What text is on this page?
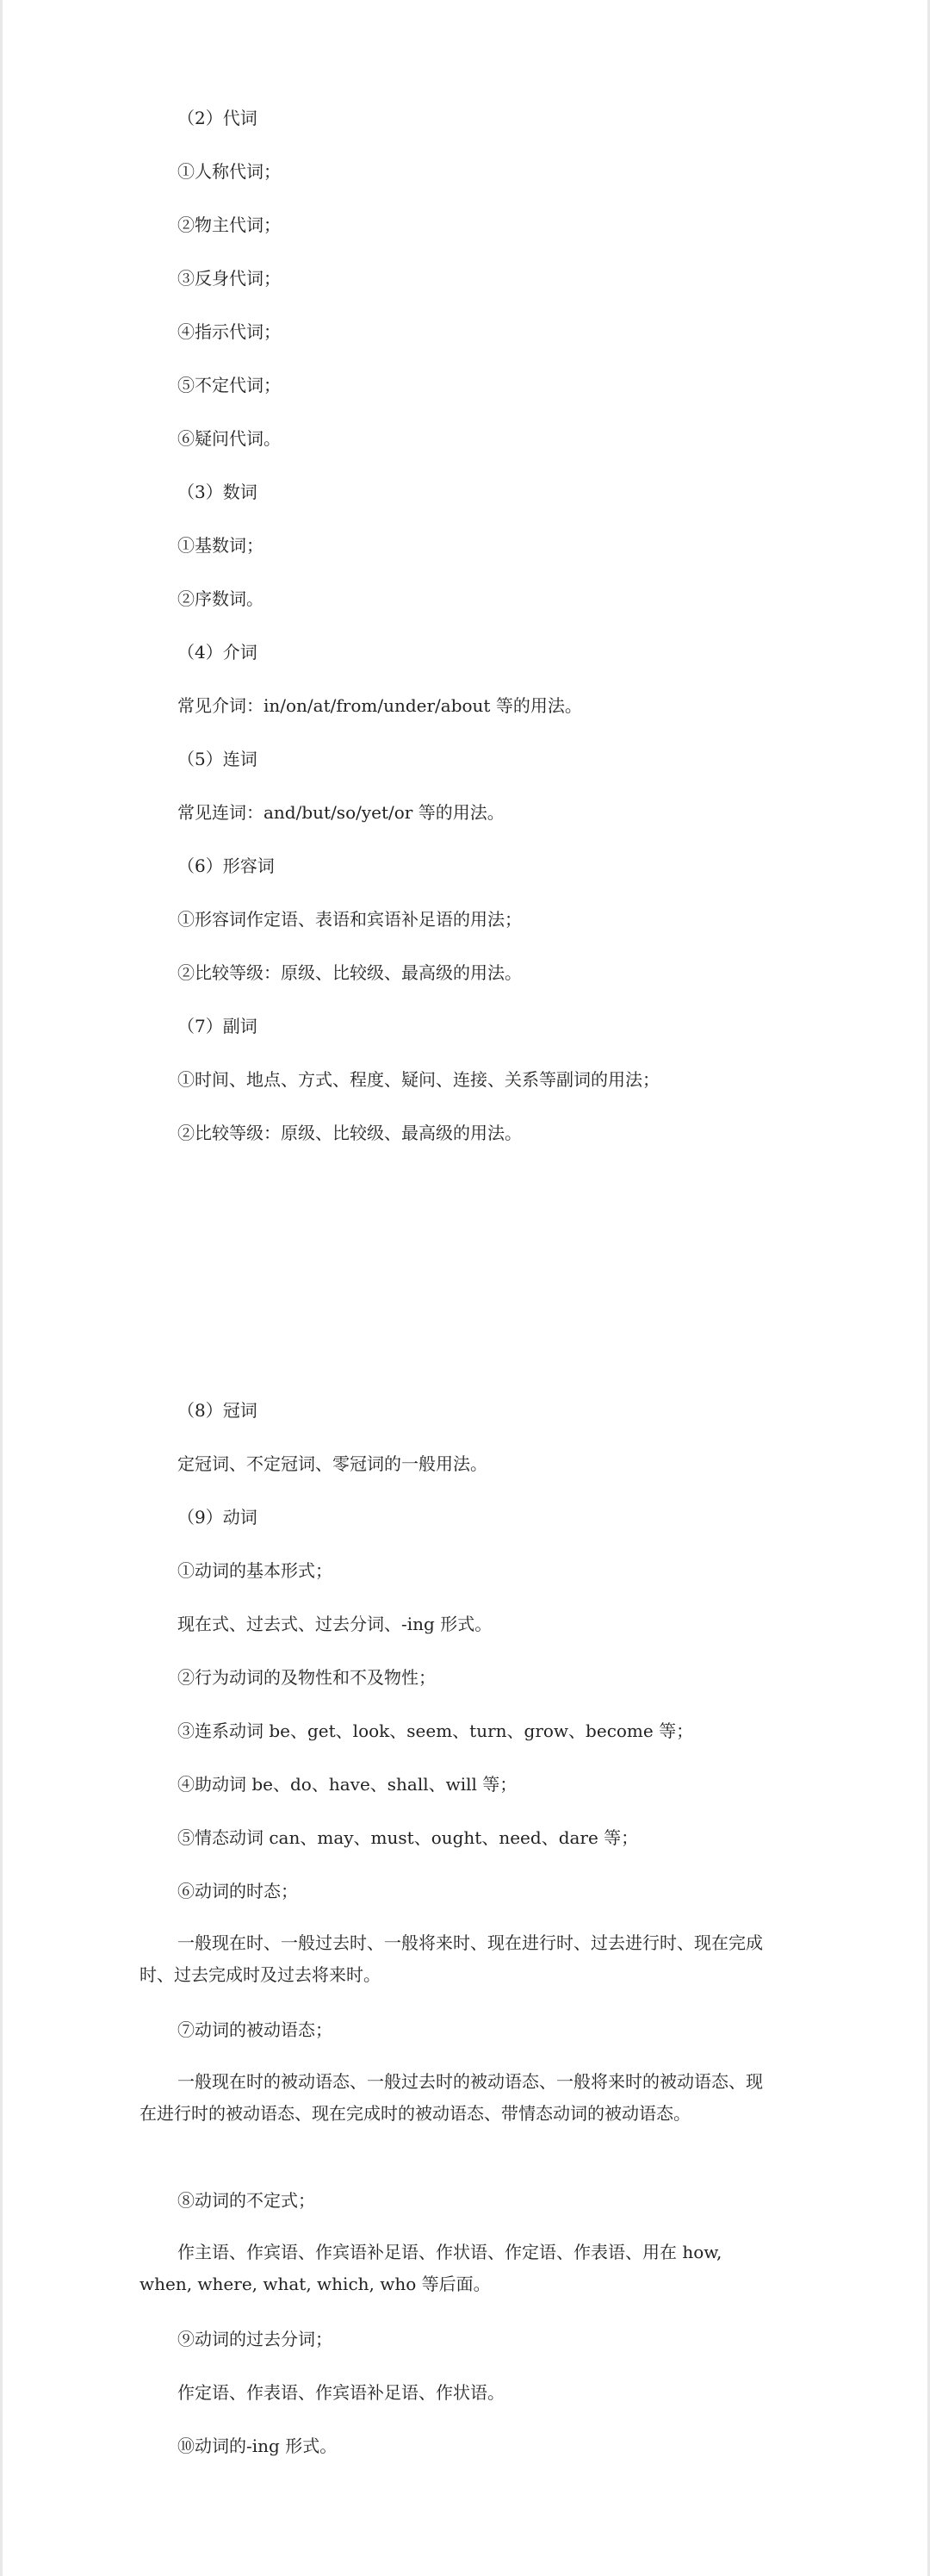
（2）代词
①人称代词；
②物主代词；
③反身代词；
④指示代词；
⑤不定代词；
⑥疑问代词。
（3）数词
①基数词；
②序数词。
（4）介词
常见介词：in/on/at/from/under/about 等的用法。
（5）连词
常见连词：and/but/so/yet/or 等的用法。
（6）形容词
①形容词作定语、表语和宾语补足语的用法；
②比较等级：原级、比较级、最高级的用法。
（7）副词
①时间、地点、方式、程度、疑问、连接、关系等副词的用法；
②比较等级：原级、比较级、最高级的用法。
（8）冠词
定冠词、不定冠词、零冠词的一般用法。
（9）动词
①动词的基本形式；
现在式、过去式、过去分词、-ing 形式。
②行为动词的及物性和不及物性；
③连系动词 be、get、look、seem、turn、grow、become 等；
④助动词 be、do、have、shall、will 等；
⑤情态动词 can、may、must、ought、need、dare 等；
⑥动词的时态；
一般现在时、一般过去时、一般将来时、现在进行时、过去进行时、现在完成时、过去完成时及过去将来时。
⑦动词的被动语态；
一般现在时的被动语态、一般过去时的被动语态、一般将来时的被动语态、现在进行时的被动语态、现在完成时的被动语态、带情态动词的被动语态。
⑧动词的不定式；
作主语、作宾语、作宾语补足语、作状语、作定语、作表语、用在 how, when, where, what, which, who 等后面。
⑨动词的过去分词；
作定语、作表语、作宾语补足语、作状语。
⑩动词的-ing 形式。
